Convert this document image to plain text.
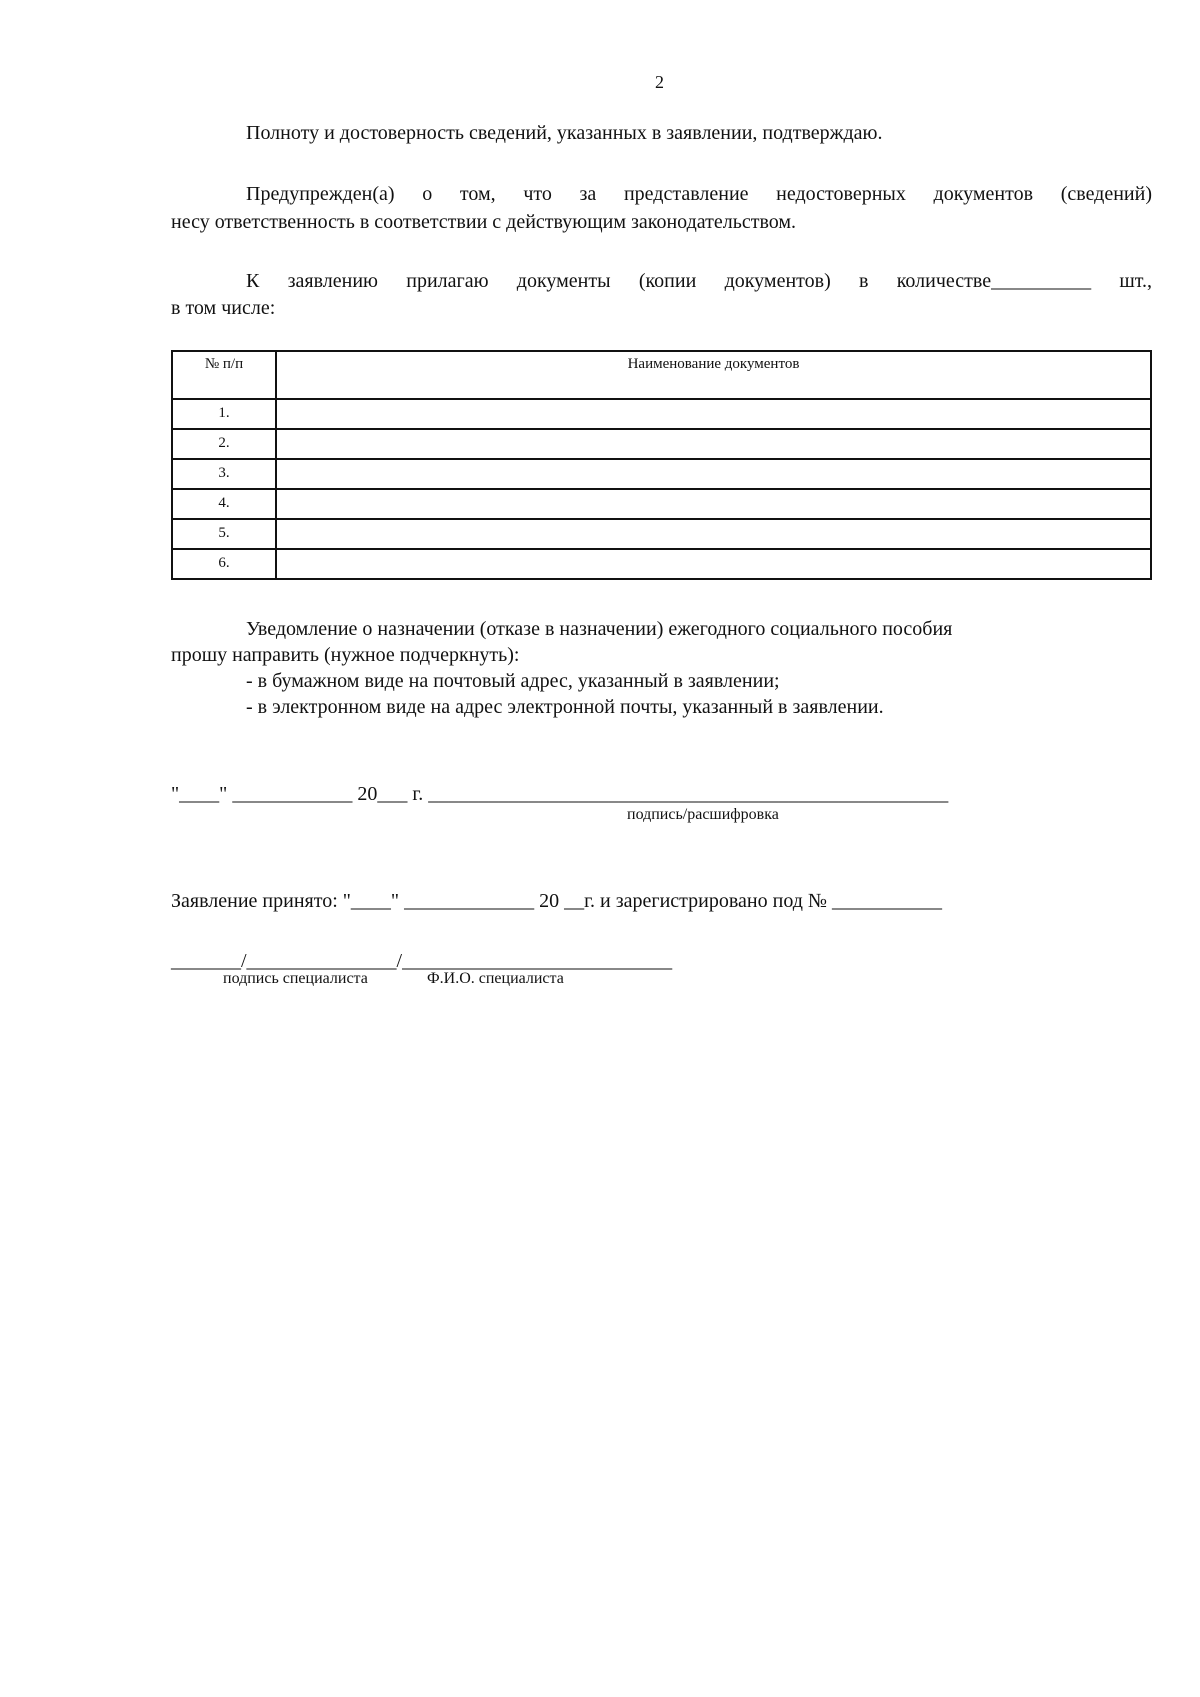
2
Полноту и достоверность сведений, указанных в заявлении, подтверждаю.
Предупрежден(а) о том, что за представление недостоверных документов (сведений)
несу ответственность в соответствии с действующим законодательством.
К заявлению прилагаю документы (копии документов) в количестве__________ шт.,
в том числе:
№ п/п	Наименование документов
1.	
2.	
3.	
4.	
5.	
6.	
Уведомление о назначении (отказе в назначении) ежегодного социального пособия
прошу направить (нужное подчеркнуть):
- в бумажном виде на почтовый адрес, указанный в заявлении;
- в электронном виде на адрес электронной почты, указанный в заявлении.
"____" ____________ 20___ г. ____________________________________________________
подпись/расшифровка
Заявление принято: "____" _____________ 20 __г. и зарегистрировано под № ___________
_______/_______________/___________________________
подпись специалиста	Ф.И.О. специалиста
